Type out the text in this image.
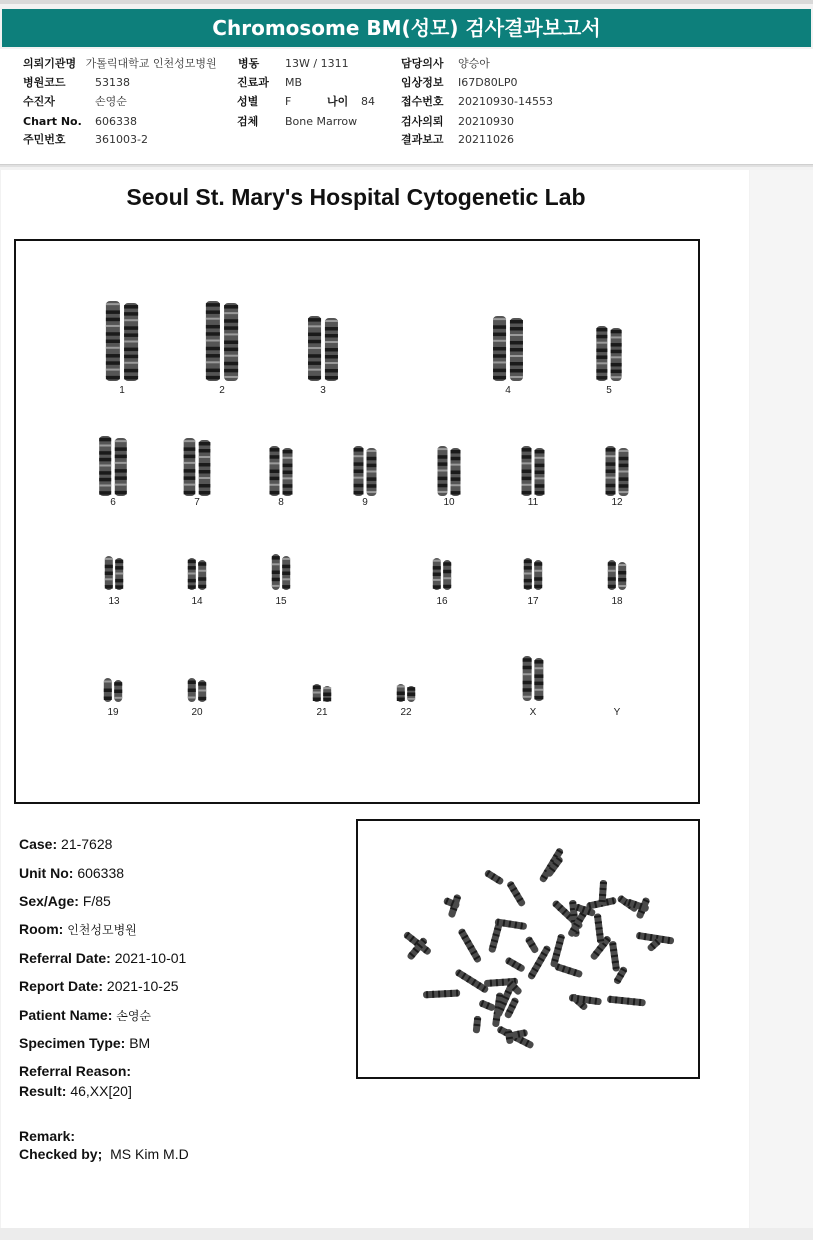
Chromosome BM(성모) 검사결과보고서
의뢰기관명 가톨릭대학교 인천성모병원
병원코드	53138
수진자	손영순
Chart No. 606338
주민번호	361003-2
병동 13W / 1311
진료과 MB
성별 F	나이 84
검체 Bone Marrow
담당의사 양승아
임상정보 I67D80LP0
접수번호 20210930-14553
검사의뢰 20210930
결과보고 20211026
Seoul St. Mary's Hospital Cytogenetic Lab
1	2	3	4	5
6	7	8	9	10	11	12
13	14	15	16	17	18
19	20	21	22	X	Y
Case: 21-7628
Unit No: 606338
Sex/Age: F/85
Room: 인천성모병원
Referral Date: 2021-10-01
Report Date: 2021-10-25
Patient Name: 손영순
Specimen Type: BM
Referral Reason:
Result: 46,XX[20]
Remark:
Checked by; MS Kim M.D
